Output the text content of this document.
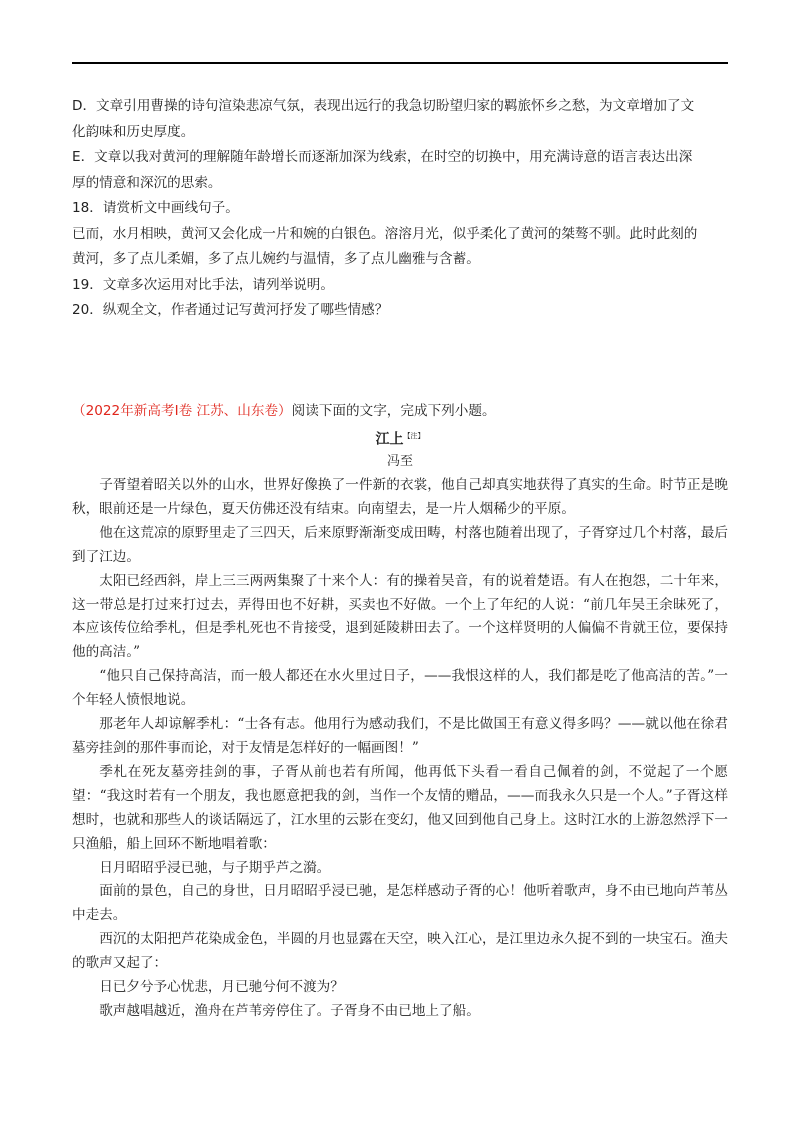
D．文章引用曹操的诗句渲染悲凉气氛，表现出远行的我急切盼望归家的羁旅怀乡之愁，为文章增加了文

化韵味和历史厚度。

E．文章以我对黄河的理解随年龄增长而逐渐加深为线索，在时空的切换中，用充满诗意的语言表达出深

厚的情意和深沉的思索。

18．请赏析文中画线句子。

已而，水月相映，黄河又会化成一片和婉的白银色。溶溶月光，似乎柔化了黄河的桀骜不驯。此时此刻的

黄河，多了点儿柔媚，多了点儿婉约与温情，多了点儿幽雅与含蓄。

19．文章多次运用对比手法，请列举说明。

20．纵观全文，作者通过记写黄河抒发了哪些情感？

（2022年新高考Ⅰ卷 江苏、山东卷）阅读下面的文字，完成下列小题。
江上$^{【注】}$
冯至

子胥望着昭关以外的山水，世界好像换了一件新的衣裳，他自己却真实地获得了真实的生命。时节正是晚秋，眼前还是一片绿色，夏天仿佛还没有结束。向南望去，是一片人烟稀少的平原。

他在这荒凉的原野里走了三四天，后来原野渐渐变成田畴，村落也随着出现了，子胥穿过几个村落，最后到了江边。

太阳已经西斜，岸上三三两两集聚了十来个人：有的操着吴音，有的说着楚语。有人在抱怨，二十年来，这一带总是打过来打过去，弄得田也不好耕，买卖也不好做。一个上了年纪的人说：“前几年吴王余昧死了，本应该传位给季札，但是季札死也不肯接受，退到延陵耕田去了。一个这样贤明的人偏偏不肯就王位，要保持他的高洁。”

“他只自己保持高洁，而一般人都还在水火里过日子，——我恨这样的人，我们都是吃了他高洁的苦。”一个年轻人愤恨地说。

那老年人却谅解季札：“士各有志。他用行为感动我们，不是比做国王有意义得多吗？——就以他在徐君墓旁挂剑的那件事而论，对于友情是怎样好的一幅画图！”

季札在死友墓旁挂剑的事，子胥从前也若有所闻，他再低下头看一看自己佩着的剑，不觉起了一个愿望：“我这时若有一个朋友，我也愿意把我的剑，当作一个友情的赠品，——而我永久只是一个人。”子胥这样想时，也就和那些人的谈话隔远了，江水里的云影在变幻，他又回到他自己身上。这时江水的上游忽然浮下一只渔船，船上回环不断地唱着歌：

日月昭昭乎浸已驰，与子期乎芦之漪。

面前的景色，自己的身世，日月昭昭乎浸已驰，是怎样感动子胥的心！他听着歌声，身不由已地向芦苇丛中走去。

西沉的太阳把芦花染成金色，半圆的月也显露在天空，映入江心，是江里边永久捉不到的一块宝石。渔夫的歌声又起了：

日已夕兮予心忧悲，月已驰兮何不渡为？

歌声越唱越近，渔舟在芦苇旁停住了。子胥身不由已地上了船。
